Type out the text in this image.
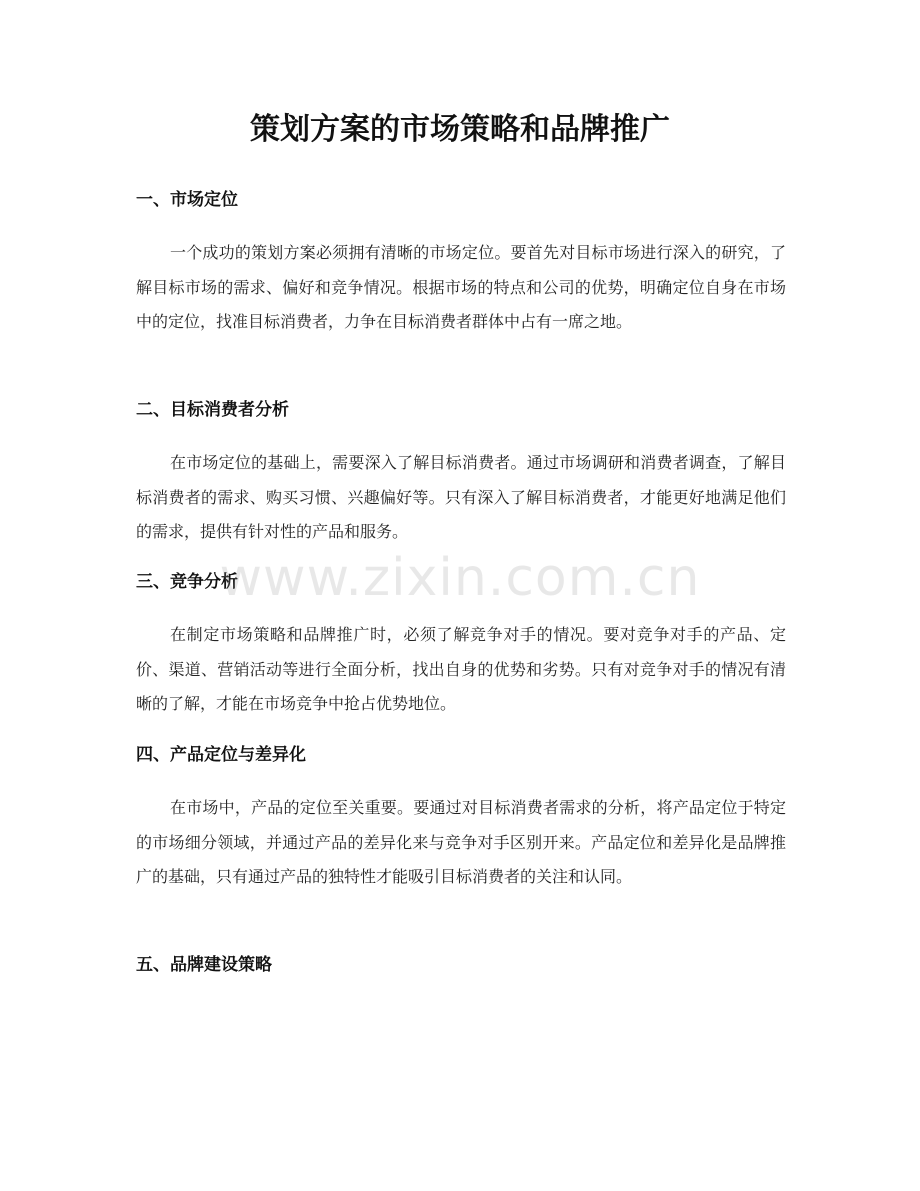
策划方案的市场策略和品牌推广
一、市场定位

一个成功的策划方案必须拥有清晰的市场定位。要首先对目标市场进行深入的研究，了解目标市场的需求、偏好和竞争情况。根据市场的特点和公司的优势，明确定位自身在市场中的定位，找准目标消费者，力争在目标消费者群体中占有一席之地。

二、目标消费者分析

在市场定位的基础上，需要深入了解目标消费者。通过市场调研和消费者调查，了解目标消费者的需求、购买习惯、兴趣偏好等。只有深入了解目标消费者，才能更好地满足他们的需求，提供有针对性的产品和服务。

三、竞争分析

在制定市场策略和品牌推广时，必须了解竞争对手的情况。要对竞争对手的产品、定价、渠道、营销活动等进行全面分析，找出自身的优势和劣势。只有对竞争对手的情况有清晰的了解，才能在市场竞争中抢占优势地位。

四、产品定位与差异化

在市场中，产品的定位至关重要。要通过对目标消费者需求的分析，将产品定位于特定的市场细分领域，并通过产品的差异化来与竞争对手区别开来。产品定位和差异化是品牌推广的基础，只有通过产品的独特性才能吸引目标消费者的关注和认同。

五、品牌建设策略
www.zixin.com.cn
